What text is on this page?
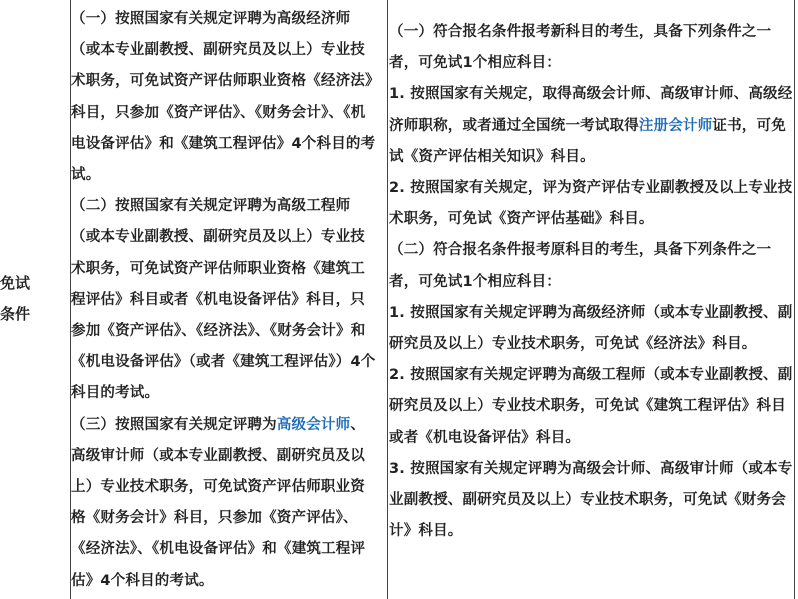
免试
条件

（一）按照国家有关规定评聘为高级经济师（或本专业副教授、副研究员及以上）专业技术职务，可免试资产评估师职业资格《经济法》科目，只参加《资产评估》、《财务会计》、《机电设备评估》和《建筑工程评估》4个科目的考试。

（二）按照国家有关规定评聘为高级工程师（或本专业副教授、副研究员及以上）专业技术职务，可免试资产评估师职业资格《建筑工程评估》科目或者《机电设备评估》科目，只参加《资产评估》、《经济法》、《财务会计》和《机电设备评估》（或者《建筑工程评估》）4个科目的考试。

（三）按照国家有关规定评聘为高级会计师、高级审计师（或本专业副教授、副研究员及以上）专业技术职务，可免试资产评估师职业资格《财务会计》科目，只参加《资产评估》、《经济法》、《机电设备评估》和《建筑工程评估》4个科目的考试。

（一）符合报名条件报考新科目的考生，具备下列条件之一者，可免试1个相应科目：

1. 按照国家有关规定，取得高级会计师、高级审计师、高级经济师职称，或者通过全国统一考试取得注册会计师证书，可免试《资产评估相关知识》科目。

2. 按照国家有关规定，评为资产评估专业副教授及以上专业技术职务，可免试《资产评估基础》科目。

（二）符合报名条件报考原科目的考生，具备下列条件之一者，可免试1个相应科目：

1. 按照国家有关规定评聘为高级经济师（或本专业副教授、副研究员及以上）专业技术职务，可免试《经济法》科目。

2. 按照国家有关规定评聘为高级工程师（或本专业副教授、副研究员及以上）专业技术职务，可免试《建筑工程评估》科目或者《机电设备评估》科目。

3. 按照国家有关规定评聘为高级会计师、高级审计师（或本专业副教授、副研究员及以上）专业技术职务，可免试《财务会计》科目。
